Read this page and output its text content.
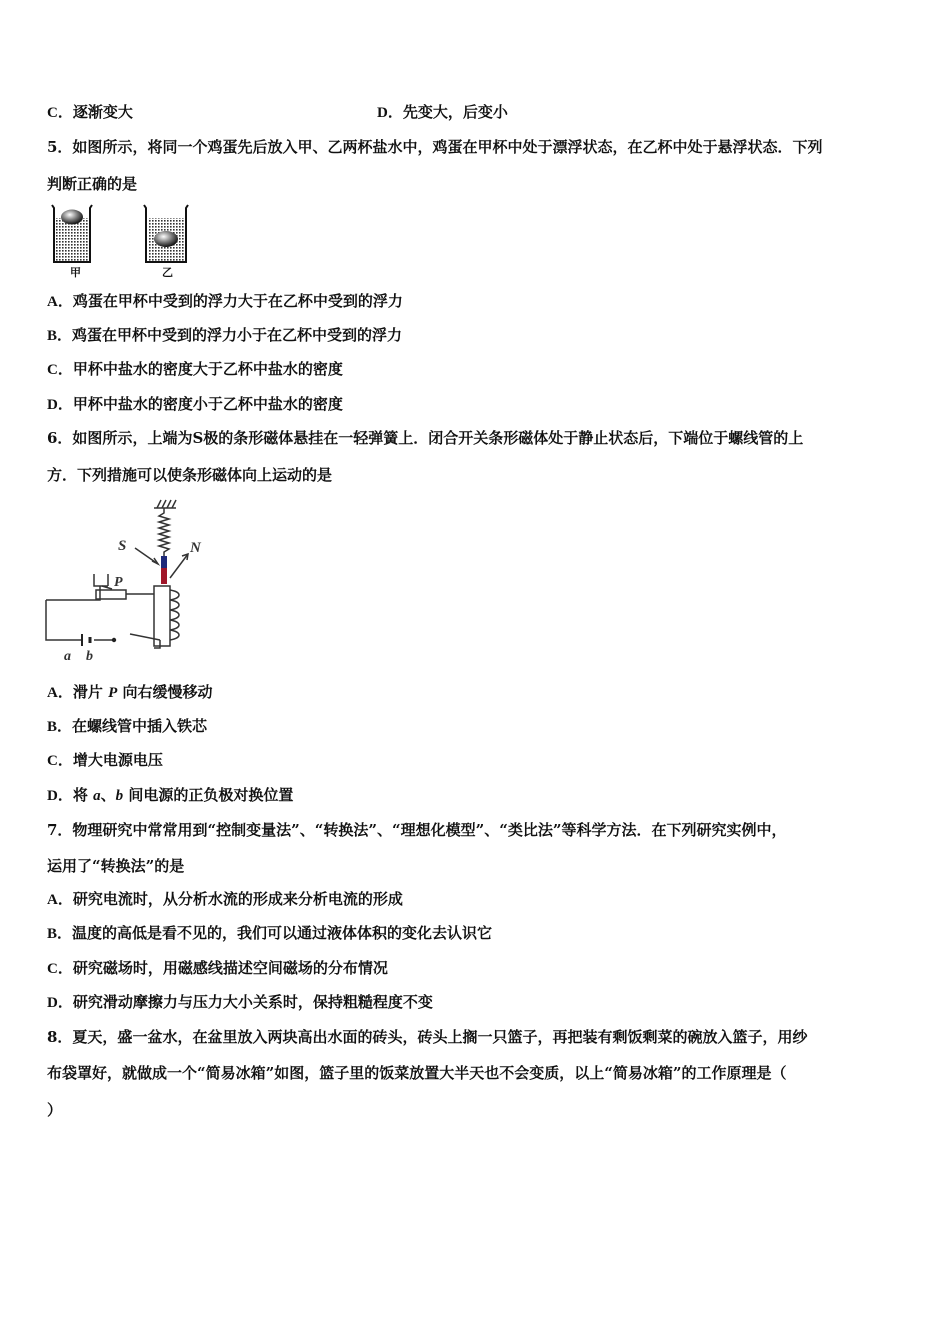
C．逐渐变大	D．先变大，后变小
5．如图所示，将同一个鸡蛋先后放入甲、乙两杯盐水中，鸡蛋在甲杯中处于漂浮状态，在乙杯中处于悬浮状态．下列
判断正确的是
甲	乙
A．鸡蛋在甲杯中受到的浮力大于在乙杯中受到的浮力
B．鸡蛋在甲杯中受到的浮力小于在乙杯中受到的浮力
C．甲杯中盐水的密度大于乙杯中盐水的密度
D．甲杯中盐水的密度小于乙杯中盐水的密度
6．如图所示，上端为S极的条形磁体悬挂在一轻弹簧上．闭合开关条形磁体处于静止状态后，下端位于螺线管的上
方．下列措施可以使条形磁体向上运动的是
S	N
P
a b
A．滑片 P 向右缓慢移动
B．在螺线管中插入铁芯
C．增大电源电压
D．将 a、b 间电源的正负极对换位置
7．物理研究中常常用到“控制变量法”、“转换法”、“理想化模型”、“类比法”等科学方法．在下列研究实例中，
运用了“转换法”的是
A．研究电流时，从分析水流的形成来分析电流的形成
B．温度的高低是看不见的，我们可以通过液体体积的变化去认识它
C．研究磁场时，用磁感线描述空间磁场的分布情况
D．研究滑动摩擦力与压力大小关系时，保持粗糙程度不变
8．夏天，盛一盆水，在盆里放入两块高出水面的砖头，砖头上搁一只篮子，再把装有剩饭剩菜的碗放入篮子，用纱
布袋罩好，就做成一个“简易冰箱”如图，篮子里的饭菜放置大半天也不会变质，以上“简易冰箱”的工作原理是（
）
